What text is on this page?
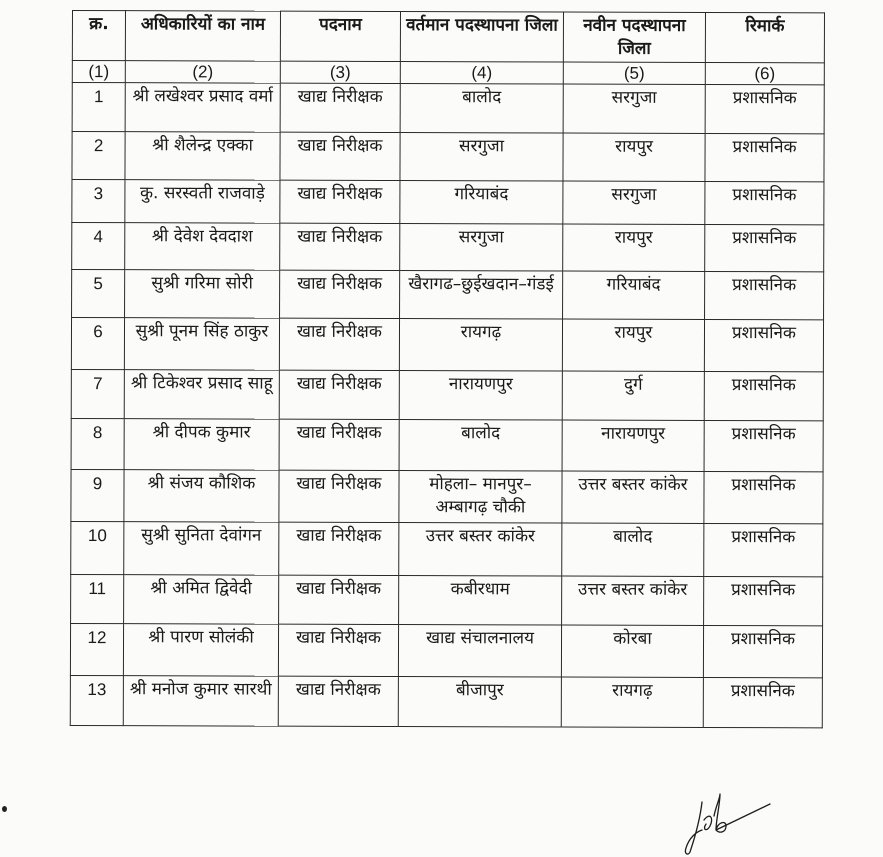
क्र.	अधिकारियों का नाम	पदनाम	वर्तमान पदस्थापना जिला	नवीन पदस्थापना जिला	रिमार्क
(1)	(2)	(3)	(4)	(5)	(6)
1	श्री लखेश्वर प्रसाद वर्मा	खाद्य निरीक्षक	बालोद	सरगुजा	प्रशासनिक
2	श्री शैलेन्द्र एक्का	खाद्य निरीक्षक	सरगुजा	रायपुर	प्रशासनिक
3	कु. सरस्वती राजवाड़े	खाद्य निरीक्षक	गरियाबंद	सरगुजा	प्रशासनिक
4	श्री देवेश देवदाश	खाद्य निरीक्षक	सरगुजा	रायपुर	प्रशासनिक
5	सुश्री गरिमा सोरी	खाद्य निरीक्षक	खैरागढ–छुईखदान–गंडई	गरियाबंद	प्रशासनिक
6	सुश्री पूनम सिंह ठाकुर	खाद्य निरीक्षक	रायगढ़	रायपुर	प्रशासनिक
7	श्री टिकेश्वर प्रसाद साहू	खाद्य निरीक्षक	नारायणपुर	दुर्ग	प्रशासनिक
8	श्री दीपक कुमार	खाद्य निरीक्षक	बालोद	नारायणपुर	प्रशासनिक
9	श्री संजय कौशिक	खाद्य निरीक्षक	मोहला– मानपुर– अम्बागढ़ चौकी	उत्तर बस्तर कांकेर	प्रशासनिक
10	सुश्री सुनिता देवांगन	खाद्य निरीक्षक	उत्तर बस्तर कांकेर	बालोद	प्रशासनिक
11	श्री अमित द्विवेदी	खाद्य निरीक्षक	कबीरधाम	उत्तर बस्तर कांकेर	प्रशासनिक
12	श्री पारण सोलंकी	खाद्य निरीक्षक	खाद्य संचालनालय	कोरबा	प्रशासनिक
13	श्री मनोज कुमार सारथी	खाद्य निरीक्षक	बीजापुर	रायगढ़	प्रशासनिक
